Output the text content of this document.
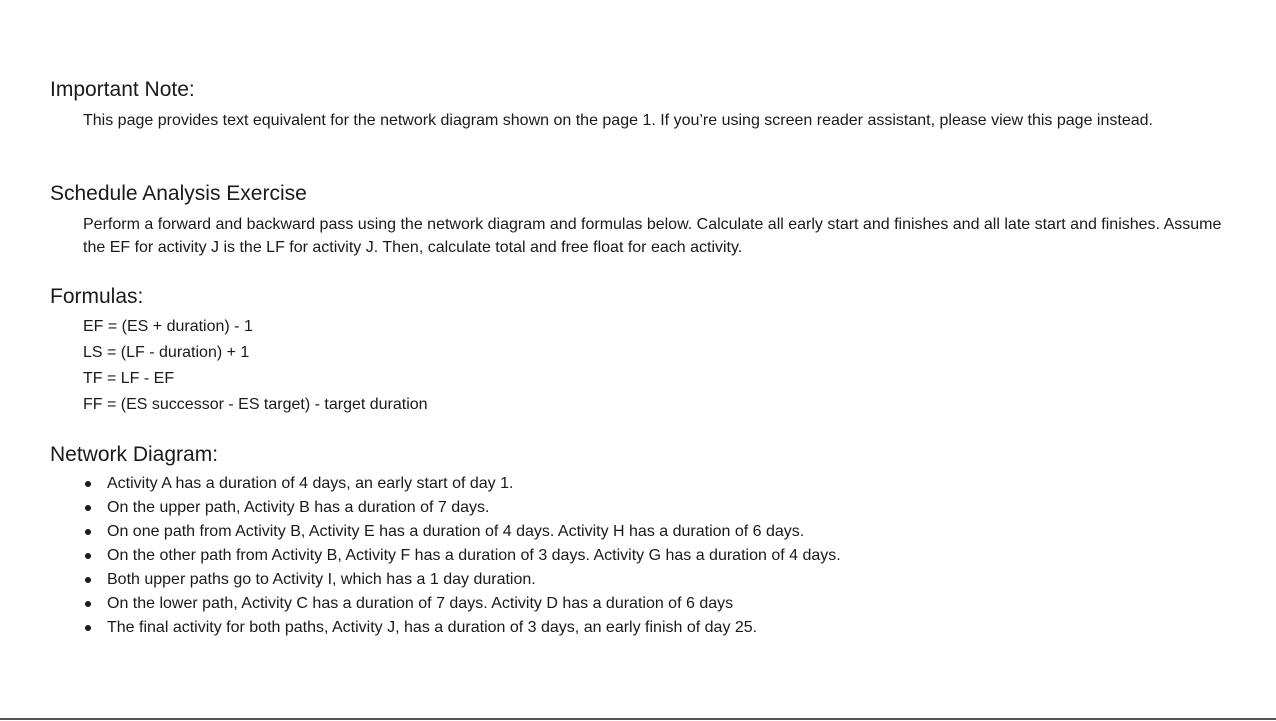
Important Note:

This page provides text equivalent for the network diagram shown on the page 1. If you’re using screen reader assistant, please view this page instead.

Schedule Analysis Exercise

Perform a forward and backward pass using the network diagram and formulas below. Calculate all early start and finishes and all late start and finishes. Assume the EF for activity J is the LF for activity J. Then, calculate total and free float for each activity.

Formulas:
EF = (ES + duration) - 1
LS = (LF - duration) + 1
TF = LF - EF
FF = (ES successor - ES target) - target duration
Network Diagram:
Activity A has a duration of 4 days, an early start of day 1.
On the upper path, Activity B has a duration of 7 days.
On one path from Activity B, Activity E has a duration of 4 days. Activity H has a duration of 6 days.
On the other path from Activity B, Activity F has a duration of 3 days. Activity G has a duration of 4 days.
Both upper paths go to Activity I, which has a 1 day duration.
On the lower path, Activity C has a duration of 7 days. Activity D has a duration of 6 days
The final activity for both paths, Activity J, has a duration of 3 days, an early finish of day 25.
